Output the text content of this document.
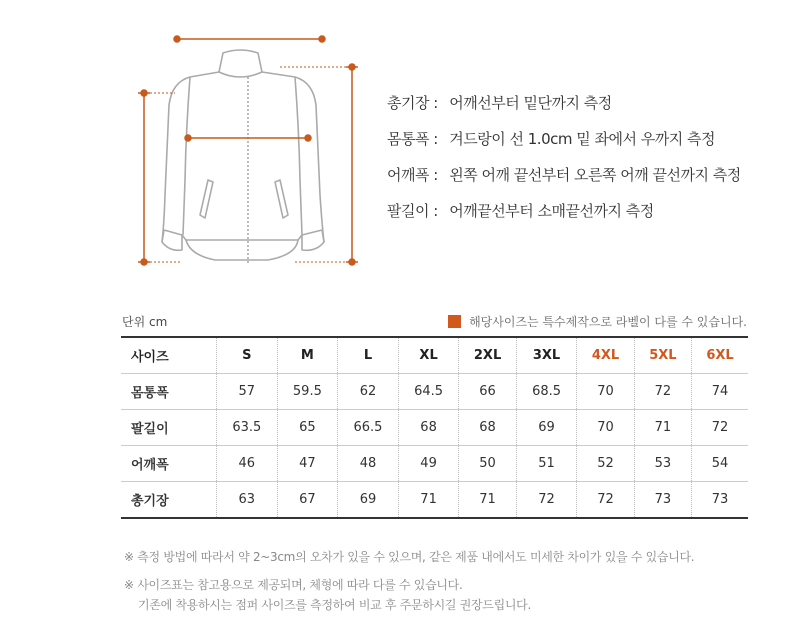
총기장 : 어깨선부터 밑단까지 측정
몸통폭 : 겨드랑이 선 1.0cm 밑 좌에서 우까지 측정
어깨폭 : 왼쪽 어깨 끝선부터 오른쪽 어깨 끝선까지 측정
팔길이 : 어깨끝선부터 소매끝선까지 측정
단위 cm	해당사이즈는 특수제작으로 라벨이 다를 수 있습니다.
사이즈	S	M	L	XL	2XL	3XL	4XL	5XL	6XL
몸통폭	57	59.5	62	64.5	66	68.5	70	72	74
팔길이	63.5	65	66.5	68	68	69	70	71	72
어깨폭	46	47	48	49	50	51	52	53	54
총기장	63	67	69	71	71	72	72	73	73
※ 측정 방법에 따라서 약 2~3cm의 오차가 있을 수 있으며, 같은 제품 내에서도 미세한 차이가 있을 수 있습니다.
※ 사이즈표는 참고용으로 제공되며, 체형에 따라 다를 수 있습니다.
기존에 착용하시는 점퍼 사이즈를 측정하여 비교 후 주문하시길 권장드립니다.
